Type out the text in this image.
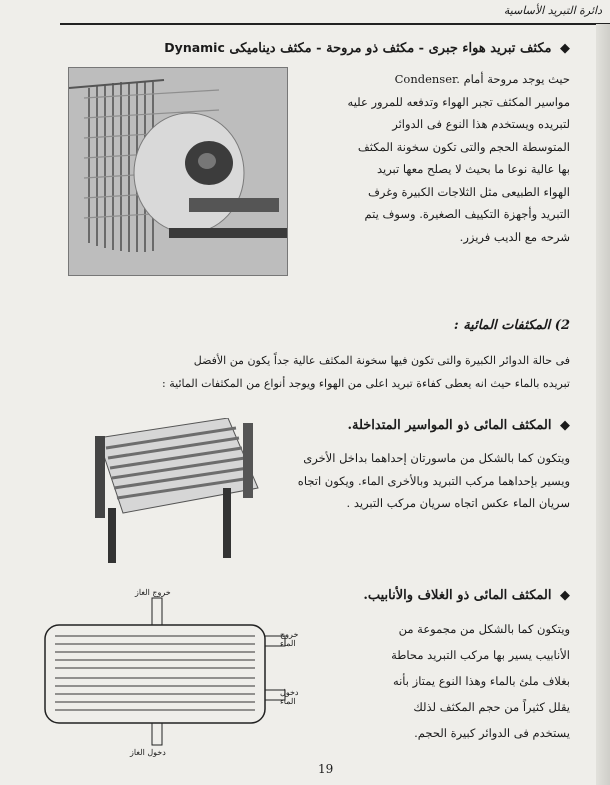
دائرة التبريد الأساسية
◆ مكثف تبريد هواء جبرى - مكثف ذو مروحة - مكثف ديناميكى Dynamic
Condenser. حيث يوجد مروحة أمام
مواسير المكثف تجبر الهواء وتدفعه للمرور عليه
لتبريده ويستخدم هذا النوع فى الدوائر
المتوسطة الحجم والتى تكون سخونة المكثف
بها عالية نوعا ما بحيث لا يصلح معها تبريد
الهواء الطبيعى مثل الثلاجات الكبيرة وغرف
التبريد وأجهزة التكييف الصغيرة. وسوف يتم
شرحه مع الديب فريزر.
2) المكثفات المائية :
فى حالة الدوائر الكبيرة والتى تكون فيها سخونة المكثف عالية جداً يكون من الأفضل
تبريده بالماء حيث انه يعطى كفاءة تبريد اعلى من الهواء ويوجد أنواع من المكثفات المائية :
◆ المكثف المائى ذو المواسير المتداخلة.
ويتكون كما بالشكل من ماسورتان إحداهما بداخل الأخرى
ويسير بإحداهما مركب التبريد وبالأخرى الماء. ويكون اتجاه
سريان الماء عكس اتجاه سريان مركب التبريد .
خروج الغاز
خروج الماء
دخول الماء
دخول الغاز
◆ المكثف المائى ذو الغلاف والأنابيب.
ويتكون كما بالشكل من مجموعة من
الأنابيب يسير بها مركب التبريد محاطة
بغلاف ملئ بالماء وهذا النوع يمتاز بأنه
يقلل كثيراً من حجم المكثف لذلك
يستخدم فى الدوائر كبيرة الحجم.
19
